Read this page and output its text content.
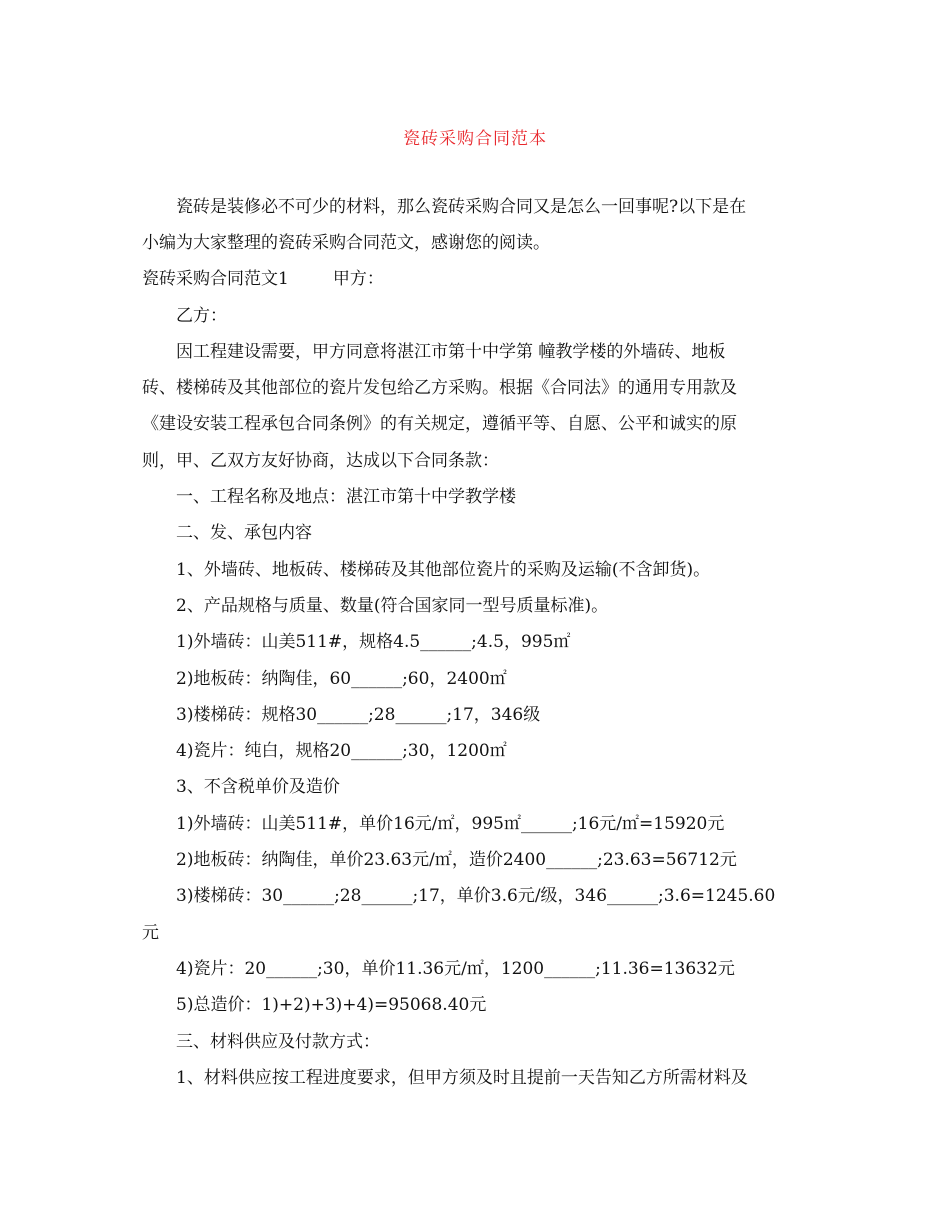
瓷砖采购合同范本
瓷砖是装修必不可少的材料，那么瓷砖采购合同又是怎么一回事呢?以下是在
小编为大家整理的瓷砖采购合同范文，感谢您的阅读。
瓷砖采购合同范文1	甲方：
乙方：
因工程建设需要，甲方同意将湛江市第十中学第 幢教学楼的外墙砖、地板
砖、楼梯砖及其他部位的瓷片发包给乙方采购。根据《合同法》的通用专用款及
《建设安装工程承包合同条例》的有关规定，遵循平等、自愿、公平和诚实的原
则，甲、乙双方友好协商，达成以下合同条款：
一、工程名称及地点：湛江市第十中学教学楼
二、发、承包内容
1、外墙砖、地板砖、楼梯砖及其他部位瓷片的采购及运输(不含卸货)。
2、产品规格与质量、数量(符合国家同一型号质量标准)。
1)外墙砖：山美511#，规格4.5______;4.5，995㎡
2)地板砖：纳陶佳，60______;60，2400㎡
3)楼梯砖：规格30______;28______;17，346级
4)瓷片：纯白，规格20______;30，1200㎡
3、不含税单价及造价
1)外墙砖：山美511#，单价16元/㎡，995㎡______;16元/㎡=15920元
2)地板砖：纳陶佳，单价23.63元/㎡，造价2400______;23.63=56712元
3)楼梯砖：30______;28______;17，单价3.6元/级，346______;3.6=1245.60
元
4)瓷片：20______;30，单价11.36元/㎡，1200______;11.36=13632元
5)总造价：1)+2)+3)+4)=95068.40元
三、材料供应及付款方式：
1、材料供应按工程进度要求，但甲方须及时且提前一天告知乙方所需材料及
